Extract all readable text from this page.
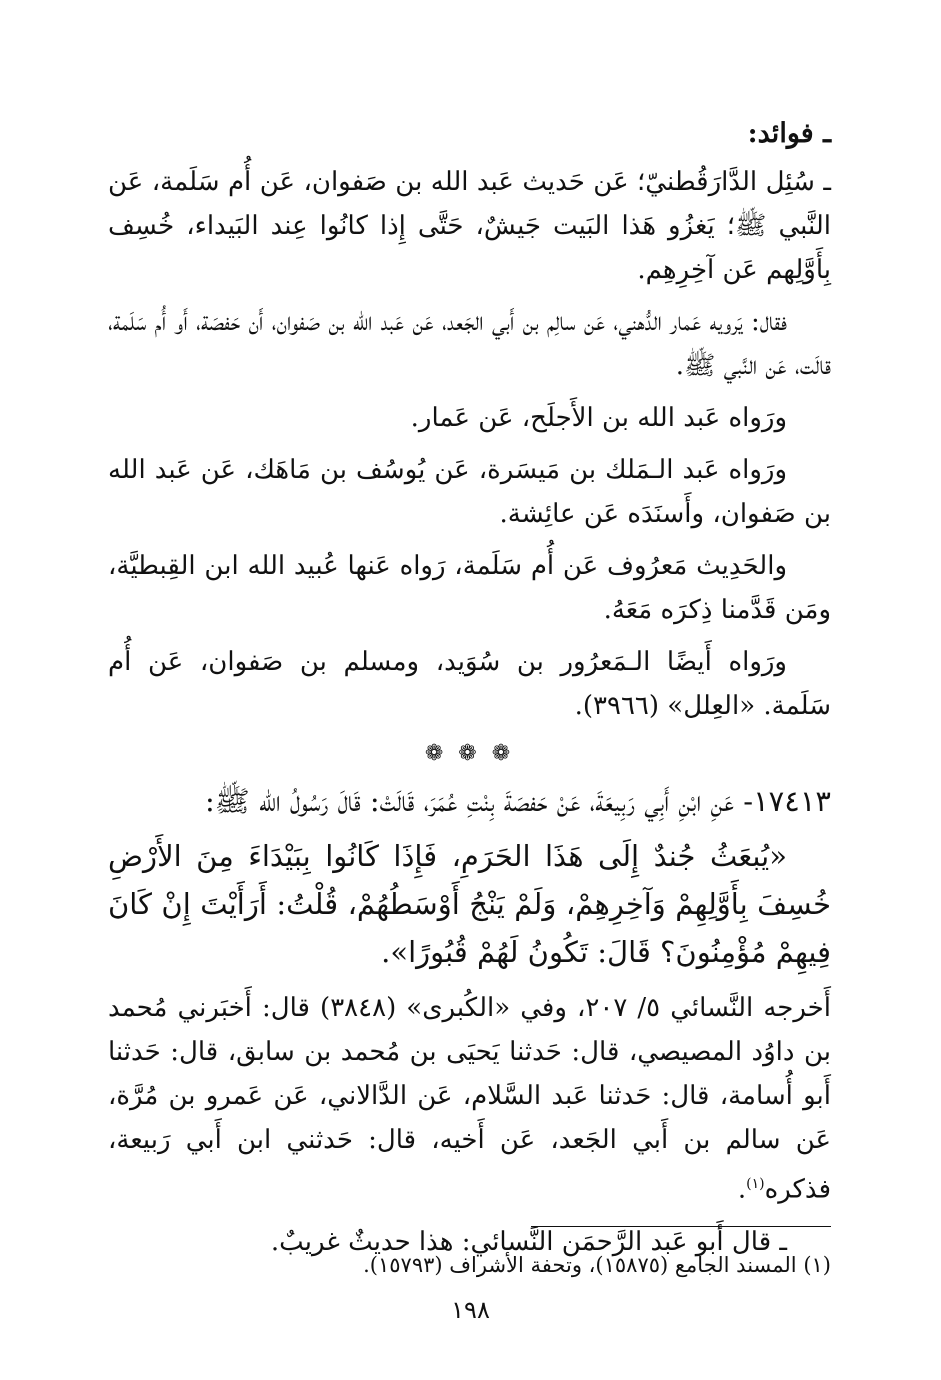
ـ فوائد:

ـ سُئِل الدَّارَقُطنيّ؛ عَن حَديث عَبد الله بن صَفوان، عَن أُم سَلَمة، عَن النَّبي ﷺ؛ يَغزُو هَذا البَيت جَيشٌ، حَتَّى إِذا كانُوا عِند البَيداء، خُسِف بِأَوَّلِهم عَن آخِرِهِم.

فقال: يَرويه عَمار الدُّهني، عَن سالِم بن أَبي الجَعد، عَن عَبد الله بن صَفوان، أَن حَفصَة، أَو أُم سَلَمة، قالَت، عَن النَّبي ﷺ.

ورَواه عَبد الله بن الأَجلَح، عَن عَمار.

ورَواه عَبد الـمَلك بن مَيسَرة، عَن يُوسُف بن مَاهَك، عَن عَبد الله بن صَفوان، وأَسنَدَه عَن عائِشة.

والحَدِيث مَعرُوف عَن أُم سَلَمة، رَواه عَنها عُبيد الله ابن القِبطيَّة، ومَن قَدَّمنا ذِكرَه مَعَهُ.

ورَواه أَيضًا الـمَعرُور بن سُوَيد، ومسلم بن صَفوان، عَن أُم سَلَمة. «العِلل» (٣٩٦٦).

❁ ❁ ❁

١٧٤١٣- عَنِ ابْنِ أَبِي رَبِيعَةَ، عَنْ حَفصَةَ بِنْتِ عُمَرَ، قَالَتْ: قَالَ رَسُولُ الله ﷺ:

«يُبعَثُ جُندٌ إِلَى هَذَا الحَرَمِ، فَإِذَا كَانُوا بِبَيْدَاءَ مِنَ الأَرْضِ خُسِفَ بِأَوَّلِهِمْ وَآخِرِهِمْ، وَلَمْ يَنْجُ أَوْسَطُهُمْ، قُلْتُ: أَرَأَيْتَ إِنْ كَانَ فِيهِمْ مُؤْمِنُونَ؟ قَالَ: تَكُونُ لَهُمْ قُبُورًا».

أَخرجه النَّسائي ٥/ ٢٠٧، وفي «الكُبرى» (٣٨٤٨) قال: أَخبَرني مُحمد بن داوُد المصيصي، قال: حَدثنا يَحيَى بن مُحمد بن سابق، قال: حَدثنا أَبو أُسامة، قال: حَدثنا عَبد السَّلام، عَن الدَّالاني، عَن عَمرو بن مُرَّة، عَن سالم بن أَبي الجَعد، عَن أَخيه، قال: حَدثني ابن أَبي رَبيعة، فذكره$^{(١)}$.

ـ قال أَبو عَبد الرَّحمَن النَّسائي: هذا حديثٌ غريبٌ.

(١) المسند الجامع (١٥٨٧٥)، وتحفة الأشراف (١٥٧٩٣).

١٩٨
